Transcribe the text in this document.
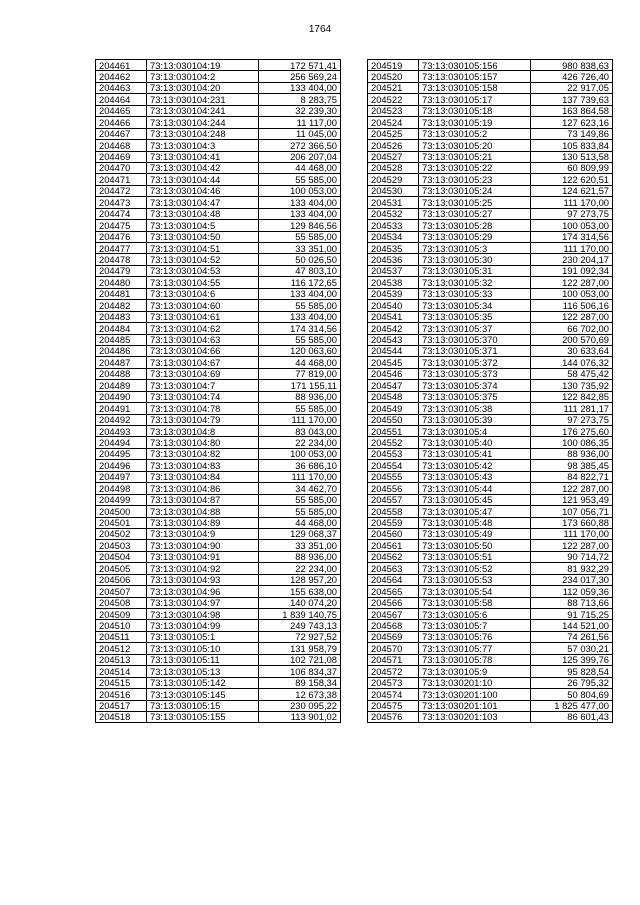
1764
204461	73:13:030104:19	172 571,41
204462	73:13:030104:2	256 569,24
204463	73:13:030104:20	133 404,00
204464	73:13:030104:231	8 283,75
204465	73:13:030104:241	32 239,30
204466	73:13:030104:244	11 117,00
204467	73:13:030104:248	11 045,00
204468	73:13:030104:3	272 366,50
204469	73:13:030104:41	206 207,04
204470	73:13:030104:42	44 468,00
204471	73:13:030104:44	55 585,00
204472	73:13:030104:46	100 053,00
204473	73:13:030104:47	133 404,00
204474	73:13:030104:48	133 404,00
204475	73:13:030104:5	129 846,56
204476	73:13:030104:50	55 585,00
204477	73:13:030104:51	33 351,00
204478	73:13:030104:52	50 026,50
204479	73:13:030104:53	47 803,10
204480	73:13:030104:55	116 172,65
204481	73:13:030104:6	133 404,00
204482	73:13:030104:60	55 585,00
204483	73:13:030104:61	133 404,00
204484	73:13:030104:62	174 314,56
204485	73:13:030104:63	55 585,00
204486	73:13:030104:66	120 063,60
204487	73:13:030104:67	44 468,00
204488	73:13:030104:69	77 819,00
204489	73:13:030104:7	171 155,11
204490	73:13:030104:74	88 936,00
204491	73:13:030104:78	55 585,00
204492	73:13:030104:79	111 170,00
204493	73:13:030104:8	83 043,00
204494	73:13:030104:80	22 234,00
204495	73:13:030104:82	100 053,00
204496	73:13:030104:83	36 686,10
204497	73:13:030104:84	111 170,00
204498	73:13:030104:86	34 462,70
204499	73:13:030104:87	55 585,00
204500	73:13:030104:88	55 585,00
204501	73:13:030104:89	44 468,00
204502	73:13:030104:9	129 068,37
204503	73:13:030104:90	33 351,00
204504	73:13:030104:91	88 936,00
204505	73:13:030104:92	22 234,00
204506	73:13:030104:93	128 957,20
204507	73:13:030104:96	155 638,00
204508	73:13:030104:97	140 074,20
204509	73:13:030104:98	1 839 140,75
204510	73:13:030104:99	249 743,13
204511	73:13:030105:1	72 927,52
204512	73:13:030105:10	131 958,79
204513	73:13:030105:11	102 721,08
204514	73:13:030105:13	106 834,37
204515	73:13:030105:142	89 158,34
204516	73:13:030105:145	12 673,38
204517	73:13:030105:15	230 095,22
204518	73:13:030105:155	113 901,02
204519	73:13:030105:156	980 838,63
204520	73:13:030105:157	426 726,40
204521	73:13:030105:158	22 917,05
204522	73:13:030105:17	137 739,63
204523	73:13:030105:18	163 864,58
204524	73:13:030105:19	127 623,16
204525	73:13:030105:2	73 149,86
204526	73:13:030105:20	105 833,84
204527	73:13:030105:21	130 513,58
204528	73:13:030105:22	60 809,99
204529	73:13:030105:23	122 620,51
204530	73:13:030105:24	124 621,57
204531	73:13:030105:25	111 170,00
204532	73:13:030105:27	97 273,75
204533	73:13:030105:28	100 053,00
204534	73:13:030105:29	174 314,56
204535	73:13:030105:3	111 170,00
204536	73:13:030105:30	230 204,17
204537	73:13:030105:31	191 092,34
204538	73:13:030105:32	122 287,00
204539	73:13:030105:33	100 053,00
204540	73:13:030105:34	116 506,16
204541	73:13:030105:35	122 287,00
204542	73:13:030105:37	66 702,00
204543	73:13:030105:370	200 570,69
204544	73:13:030105:371	30 633,64
204545	73:13:030105:372	144 076,32
204546	73:13:030105:373	58 475,42
204547	73:13:030105:374	130 735,92
204548	73:13:030105:375	122 842,85
204549	73:13:030105:38	111 281,17
204550	73:13:030105:39	97 273,75
204551	73:13:030105:4	176 275,60
204552	73:13:030105:40	100 086,35
204553	73:13:030105:41	88 936,00
204554	73:13:030105:42	98 385,45
204555	73:13:030105:43	84 822,71
204556	73:13:030105:44	122 287,00
204557	73:13:030105:45	121 953,49
204558	73:13:030105:47	107 056,71
204559	73:13:030105:48	173 660,88
204560	73:13:030105:49	111 170,00
204561	73:13:030105:50	122 287,00
204562	73:13:030105:51	90 714,72
204563	73:13:030105:52	81 932,29
204564	73:13:030105:53	234 017,30
204565	73:13:030105:54	112 059,36
204566	73:13:030105:58	88 713,66
204567	73:13:030105:6	91 715,25
204568	73:13:030105:7	144 521,00
204569	73:13:030105:76	74 261,56
204570	73:13:030105:77	57 030,21
204571	73:13:030105:78	125 399,76
204572	73:13:030105:9	95 828,54
204573	73:13:030201:10	26 795,32
204574	73:13:030201:100	50 804,69
204575	73:13:030201:101	1 825 477,00
204576	73:13:030201:103	86 601,43
